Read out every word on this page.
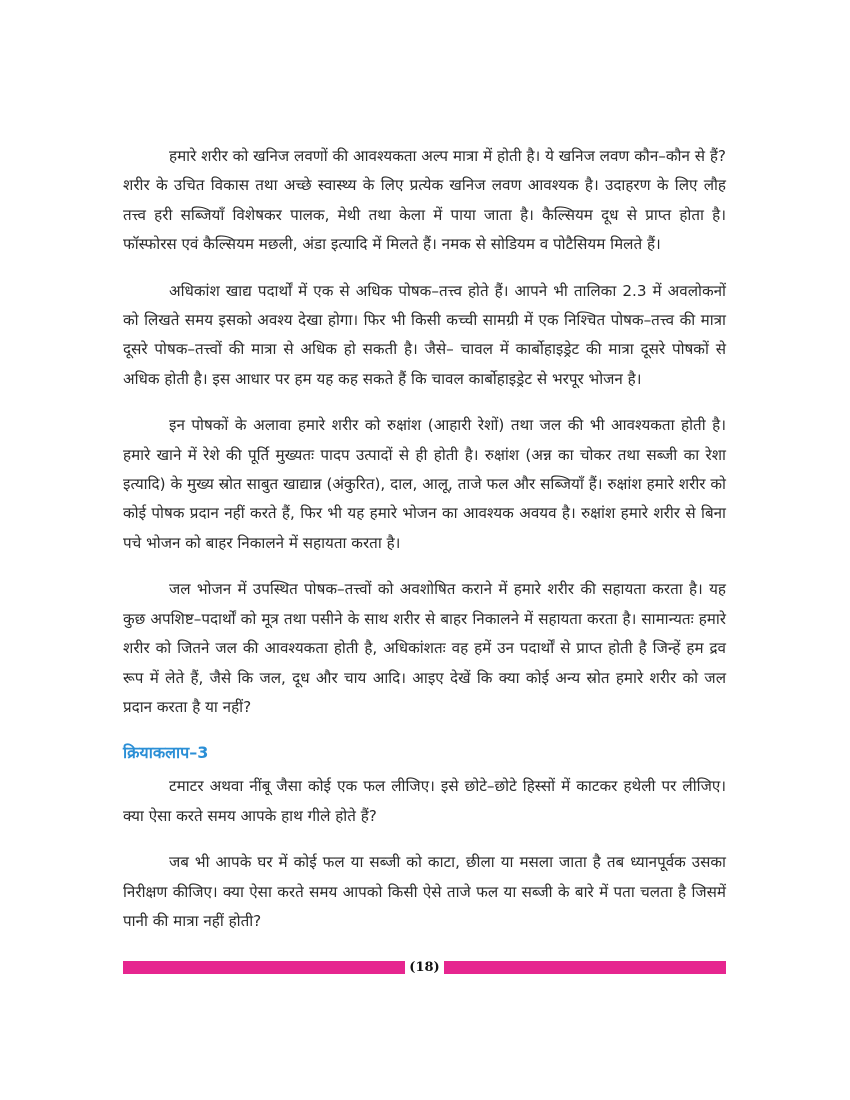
हमारे शरीर को खनिज लवणों की आवश्यकता अल्प मात्रा में होती है। ये खनिज लवण कौन–कौन से हैं?शरीर के उचित विकास तथा अच्छे स्वास्थ्य के लिए प्रत्येक खनिज लवण आवश्यक है। उदाहरण के लिए लौह तत्त्व हरी सब्जियाँ विशेषकर पालक, मेथी तथा केला में पाया जाता है। कैल्सियम दूध से प्राप्त होता है। फॉस्फोरस एवं कैल्सियम मछली, अंडा इत्यादि में मिलते हैं। नमक से सोडियम व पोटैसियम मिलते हैं।

अधिकांश खाद्य पदार्थों में एक से अधिक पोषक–तत्त्व होते हैं। आपने भी तालिका 2.3 में अवलोकनों को लिखते समय इसको अवश्य देखा होगा। फिर भी किसी कच्ची सामग्री में एक निश्चित पोषक–तत्त्व की मात्रा दूसरे पोषक–तत्त्वों की मात्रा से अधिक हो सकती है। जैसे– चावल में कार्बोहाइड्रेट की मात्रा दूसरे पोषकों से अधिक होती है। इस आधार पर हम यह कह सकते हैं कि चावल कार्बोहाइड्रेट से भरपूर भोजन है।

इन पोषकों के अलावा हमारे शरीर को रुक्षांश (आहारी रेशों) तथा जल की भी आवश्यकता होती है। हमारे खाने में रेशे की पूर्ति मुख्यतः पादप उत्पादों से ही होती है। रुक्षांश (अन्न का चोकर तथा सब्जी का रेशा इत्यादि) के मुख्य स्रोत साबुत खाद्यान्न (अंकुरित), दाल, आलू, ताजे फल और सब्जियाँ हैं। रुक्षांश हमारे शरीर को कोई पोषक प्रदान नहीं करते हैं, फिर भी यह हमारे भोजन का आवश्यक अवयव है। रुक्षांश हमारे शरीर से बिना पचे भोजन को बाहर निकालने में सहायता करता है।

जल भोजन में उपस्थित पोषक–तत्त्वों को अवशोषित कराने में हमारे शरीर की सहायता करता है। यह कुछ अपशिष्ट–पदार्थों को मूत्र तथा पसीने के साथ शरीर से बाहर निकालने में सहायता करता है। सामान्यतः हमारे शरीर को जितने जल की आवश्यकता होती है, अधिकांशतः वह हमें उन पदार्थों से प्राप्त होती है जिन्हें हम द्रव रूप में लेते हैं, जैसे कि जल, दूध और चाय आदि। आइए देखें कि क्या कोई अन्य स्रोत हमारे शरीर को जल प्रदान करता है या नहीं?

क्रियाकलाप–3

टमाटर अथवा नींबू जैसा कोई एक फल लीजिए। इसे छोटे–छोटे हिस्सों में काटकर हथेली पर लीजिए। क्या ऐसा करते समय आपके हाथ गीले होते हैं?

जब भी आपके घर में कोई फल या सब्जी को काटा, छीला या मसला जाता है तब ध्यानपूर्वक उसका निरीक्षण कीजिए। क्या ऐसा करते समय आपको किसी ऐसे ताजे फल या सब्जी के बारे में पता चलता है जिसमें पानी की मात्रा नहीं होती?

(18)
